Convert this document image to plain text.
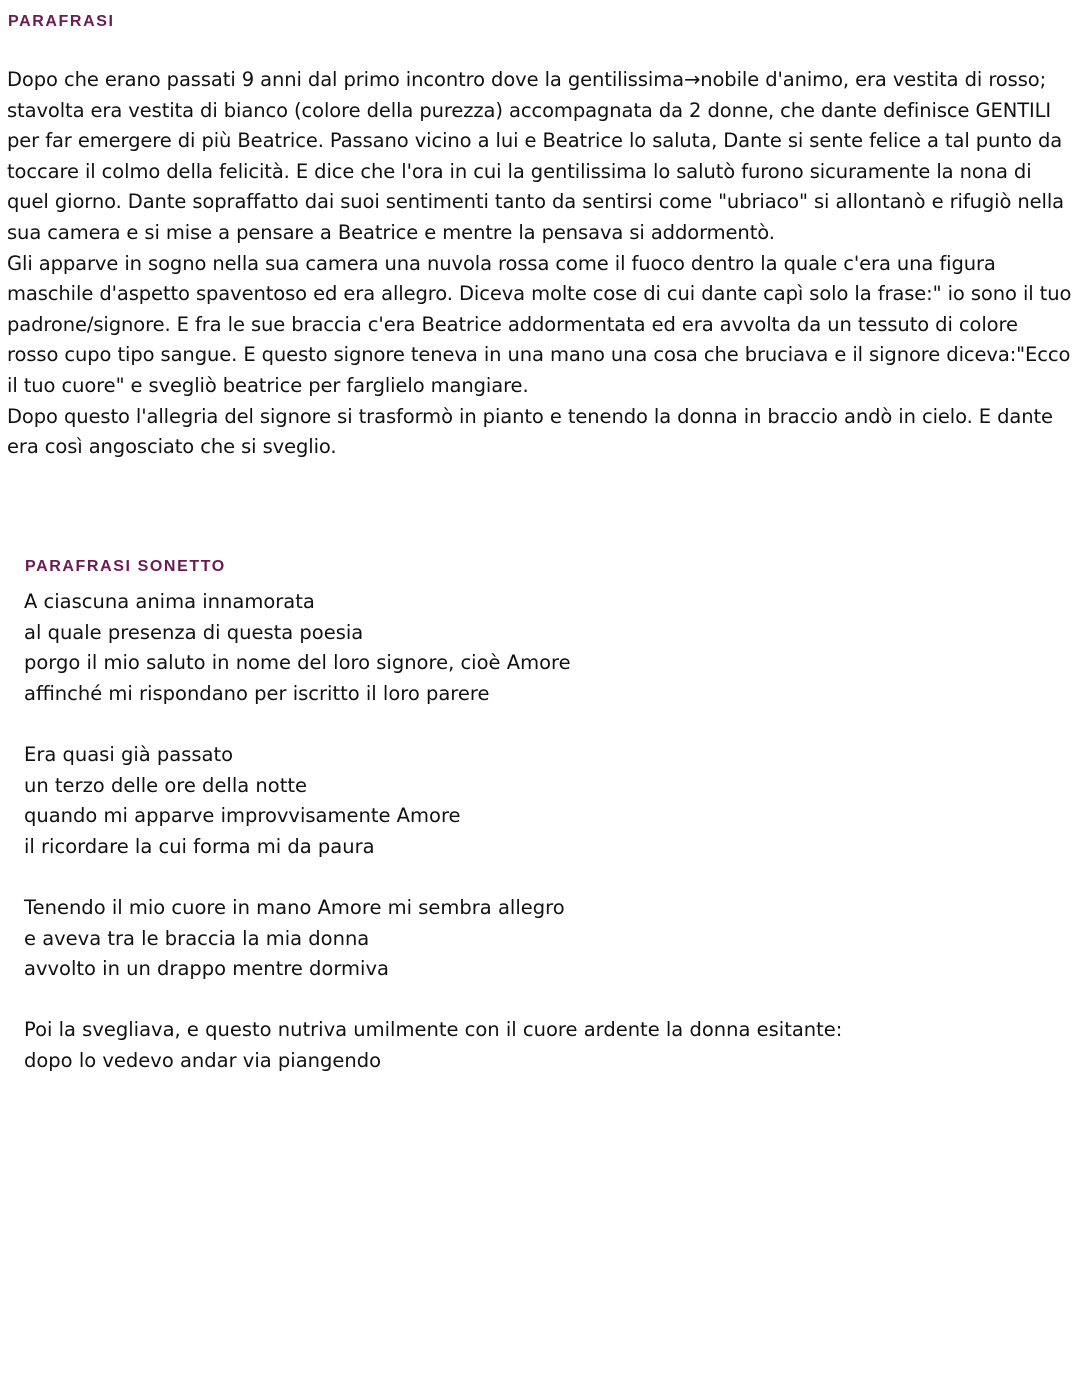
PARAFRASI

Dopo che erano passati 9 anni dal primo incontro dove la gentilissima→nobile d'animo, era vestita di rosso; stavolta era vestita di bianco (colore della purezza) accompagnata da 2 donne, che dante definisce GENTILI per far emergere di più Beatrice. Passano vicino a lui e Beatrice lo saluta, Dante si sente felice a tal punto da toccare il colmo della felicità. E dice che l'ora in cui la gentilissima lo salutò furono sicuramente la nona di quel giorno. Dante sopraffatto dai suoi sentimenti tanto da sentirsi come "ubriaco" si allontanò e rifugiò nella sua camera e si mise a pensare a Beatrice e mentre la pensava si addormentò.

Gli apparve in sogno nella sua camera una nuvola rossa come il fuoco dentro la quale c'era una figura maschile d'aspetto spaventoso ed era allegro. Diceva molte cose di cui dante capì solo la frase:" io sono il tuo padrone/signore. E fra le sue braccia c'era Beatrice addormentata ed era avvolta da un tessuto di colore rosso cupo tipo sangue. E questo signore teneva in una mano una cosa che bruciava e il signore diceva:"Ecco il tuo cuore" e svegliò beatrice per farglielo mangiare.

Dopo questo l'allegria del signore si trasformò in pianto e tenendo la donna in braccio andò in cielo. E dante era così angosciato che si sveglio.

PARAFRASI SONETTO
A ciascuna anima innamorata
al quale presenza di questa poesia
porgo il mio saluto in nome del loro signore, cioè Amore
affinché mi rispondano per iscritto il loro parere
Era quasi già passato
un terzo delle ore della notte
quando mi apparve improvvisamente Amore
il ricordare la cui forma mi da paura
Tenendo il mio cuore in mano Amore mi sembra allegro
e aveva tra le braccia la mia donna
avvolto in un drappo mentre dormiva
Poi la svegliava, e questo nutriva umilmente con il cuore ardente la donna esitante:
dopo lo vedevo andar via piangendo
